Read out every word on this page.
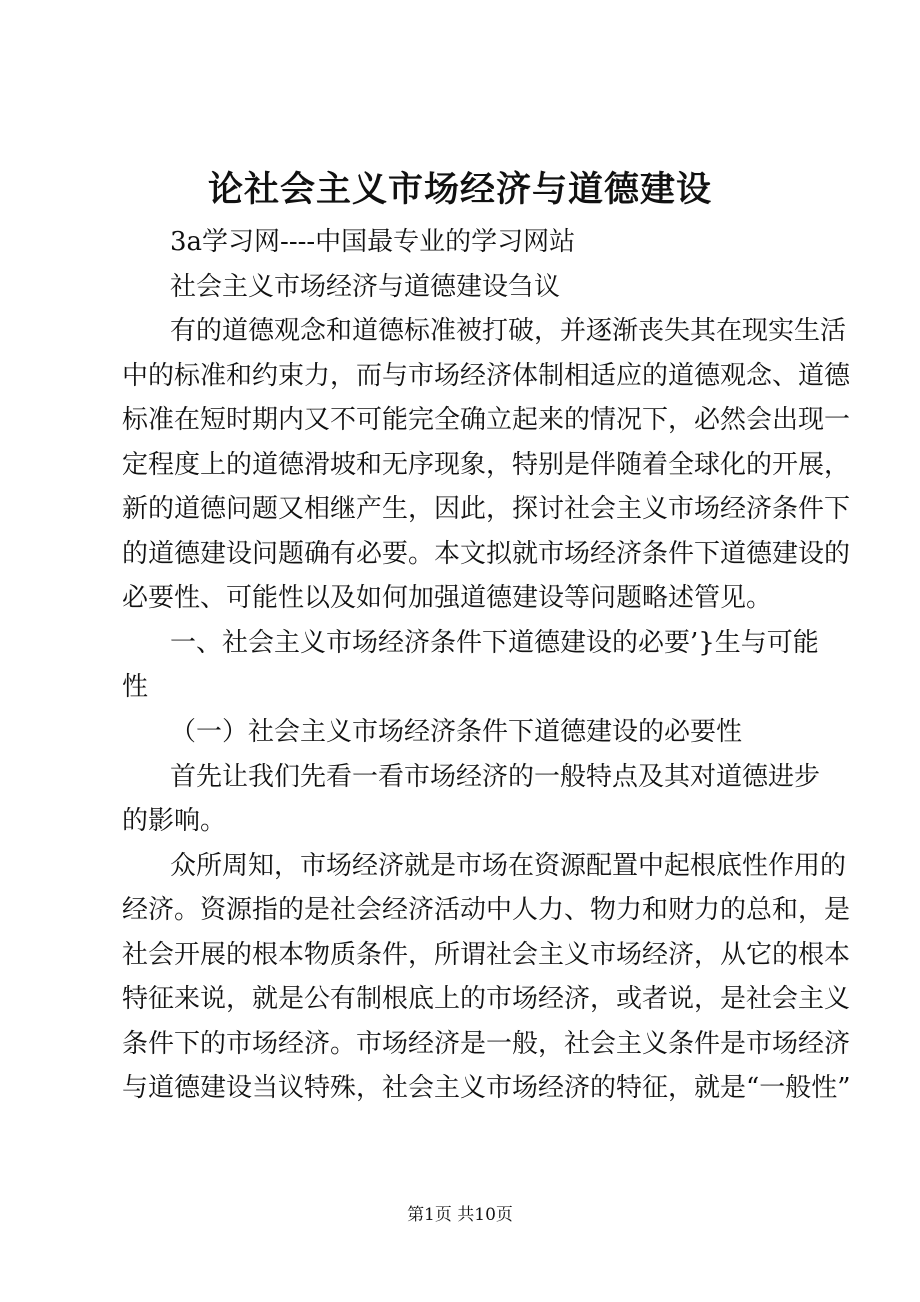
论社会主义市场经济与道德建设
3a学习网----中国最专业的学习网站
社会主义市场经济与道德建设刍议
有的道德观念和道德标准被打破，并逐渐丧失其在现实生活
中的标准和约束力，而与市场经济体制相适应的道德观念、道德
标准在短时期内又不可能完全确立起来的情况下，必然会出现一
定程度上的道德滑坡和无序现象，特别是伴随着全球化的开展，
新的道德问题又相继产生，因此，探讨社会主义市场经济条件下
的道德建设问题确有必要。本文拟就市场经济条件下道德建设的
必要性、可能性以及如何加强道德建设等问题略述管见。
一、社会主义市场经济条件下道德建设的必要’}生与可能
性
（一）社会主义市场经济条件下道德建设的必要性
首先让我们先看一看市场经济的一般特点及其对道德进步
的影响。
众所周知，市场经济就是市场在资源配置中起根底性作用的
经济。资源指的是社会经济活动中人力、物力和财力的总和，是
社会开展的根本物质条件，所谓社会主义市场经济，从它的根本
特征来说，就是公有制根底上的市场经济，或者说，是社会主义
条件下的市场经济。市场经济是一般，社会主义条件是市场经济
与道德建设当议特殊，社会主义市场经济的特征，就是“一般性”
第1页 共10页
